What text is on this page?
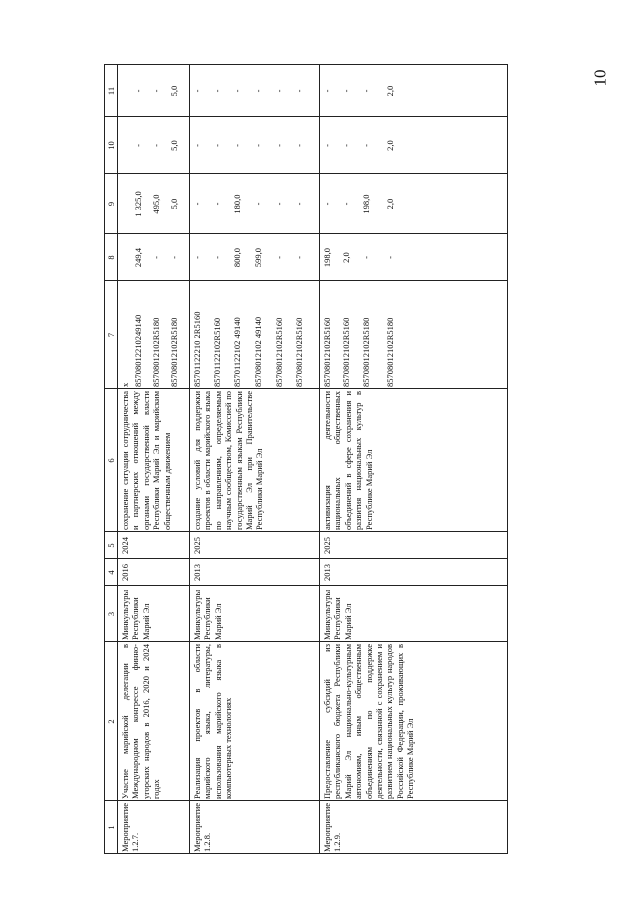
10
1
2
3
4
5
6
7
8
9
10
11
Мероприятие 1.2.7.
Участие марийской делегации в Международном конгрессе финно-угорских народов в 2016, 2020 и 2024 годах
Минкультуры Республики Марий Эл
2016
2024
сохранение ситуации сотрудничества и партнерских отношений между органами государственной власти Республики Марий Эл и марийским общественным движением
x 85708012210249140
249,4
1 325,0
-
-
85708012102R5180
-
495,0
-
-
85708012102R5180
-
5,0
5,0
5,0
Мероприятие 1.2.8.
Реализация проектов в области марийского языка, литературы, использования марийского языка в компьютерных технологиях
Минкультуры Республики Марий Эл
2013
2025
создание условий для поддержки проектов в области марийского языка по направлениям, определяемым научным сообществом, Комиссией по государственным языкам Республики Марий Эл при Правительстве Республики Марий Эл
85701122210 2R5160
-
-
-
-
85701122102R5160
-
-
-
-
85701122102 49140
800,0
180,0
-
-
85708012102 49140
599,0
-
-
-
85708012102R5160
-
-
-
-
85708012102R5160
-
-
-
-
Мероприятие 1.2.9.
Предоставление субсидий из республиканского бюджета Республики Марий Эл национально-культурным автономиям, иным общественным объединениям по поддержке деятельности, связанной с сохранением и развитием национальных культур народов Российской Федерации, проживающих в Республике Марий Эл
Минкультуры Республики Марий Эл
2013
2025
активизация деятельности национальных общественных объединений в сфере сохранения и развития национальных культур в Республике Марий Эл
85708012102R5160
198,0
-
-
-
85708012102R5160
2,0
-
-
-
85708012102R5180
-
198,0
-
-
85708012102R5180
-
2,0
2,0
2,0
